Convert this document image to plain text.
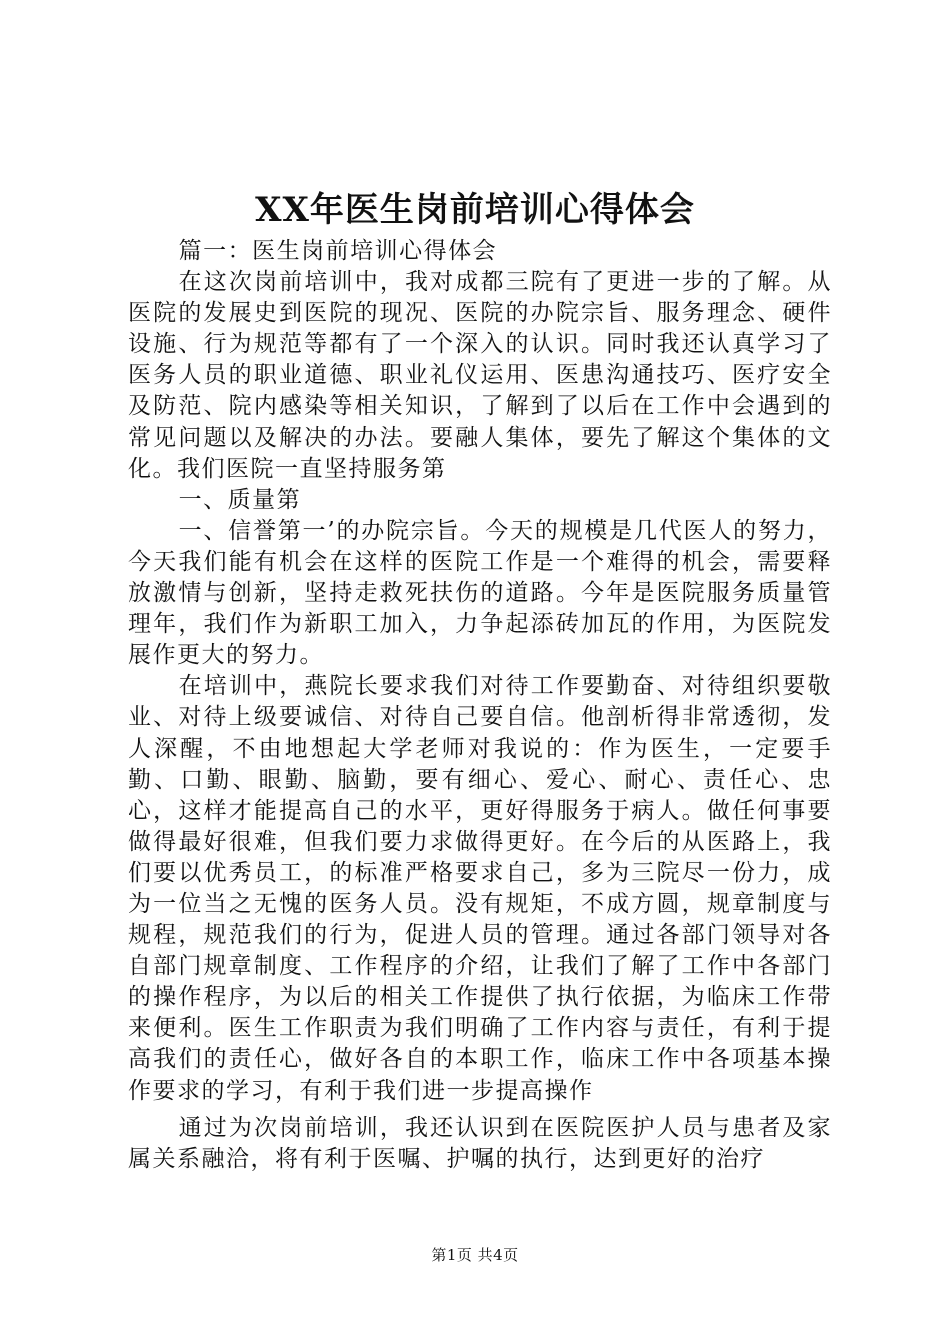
XX年医生岗前培训心得体会

篇一：医生岗前培训心得体会

在这次岗前培训中，我对成都三院有了更进一步的了解。从医院的发展史到医院的现况、医院的办院宗旨、服务理念、硬件设施、行为规范等都有了一个深入的认识。同时我还认真学习了医务人员的职业道德、职业礼仪运用、医患沟通技巧、医疗安全及防范、院内感染等相关知识，了解到了以后在工作中会遇到的常见问题以及解决的办法。要融人集体，要先了解这个集体的文化。我们医院一直坚持服务第

一、质量第

一、信誉第一’的办院宗旨。今天的规模是几代医人的努力，今天我们能有机会在这样的医院工作是一个难得的机会，需要释放激情与创新，坚持走救死扶伤的道路。今年是医院服务质量管理年，我们作为新职工加入，力争起添砖加瓦的作用，为医院发展作更大的努力。

在培训中，燕院长要求我们对待工作要勤奋、对待组织要敬业、对待上级要诚信、对待自己要自信。他剖析得非常透彻，发人深醒，不由地想起大学老师对我说的：作为医生，一定要手勤、口勤、眼勤、脑勤，要有细心、爱心、耐心、责任心、忠心，这样才能提高自己的水平，更好得服务于病人。做任何事要做得最好很难，但我们要力求做得更好。在今后的从医路上，我们要以优秀员工，的标准严格要求自己，多为三院尽一份力，成为一位当之无愧的医务人员。没有规矩，不成方圆，规章制度与规程，规范我们的行为，促进人员的管理。通过各部门领导对各自部门规章制度、工作程序的介绍，让我们了解了工作中各部门的操作程序，为以后的相关工作提供了执行依据，为临床工作带来便利。医生工作职责为我们明确了工作内容与责任，有利于提高我们的责任心，做好各自的本职工作，临床工作中各项基本操作要求的学习，有利于我们进一步提高操作

通过为次岗前培训，我还认识到在医院医护人员与患者及家属关系融洽，将有利于医嘱、护嘱的执行，达到更好的治疗

第1页 共4页
